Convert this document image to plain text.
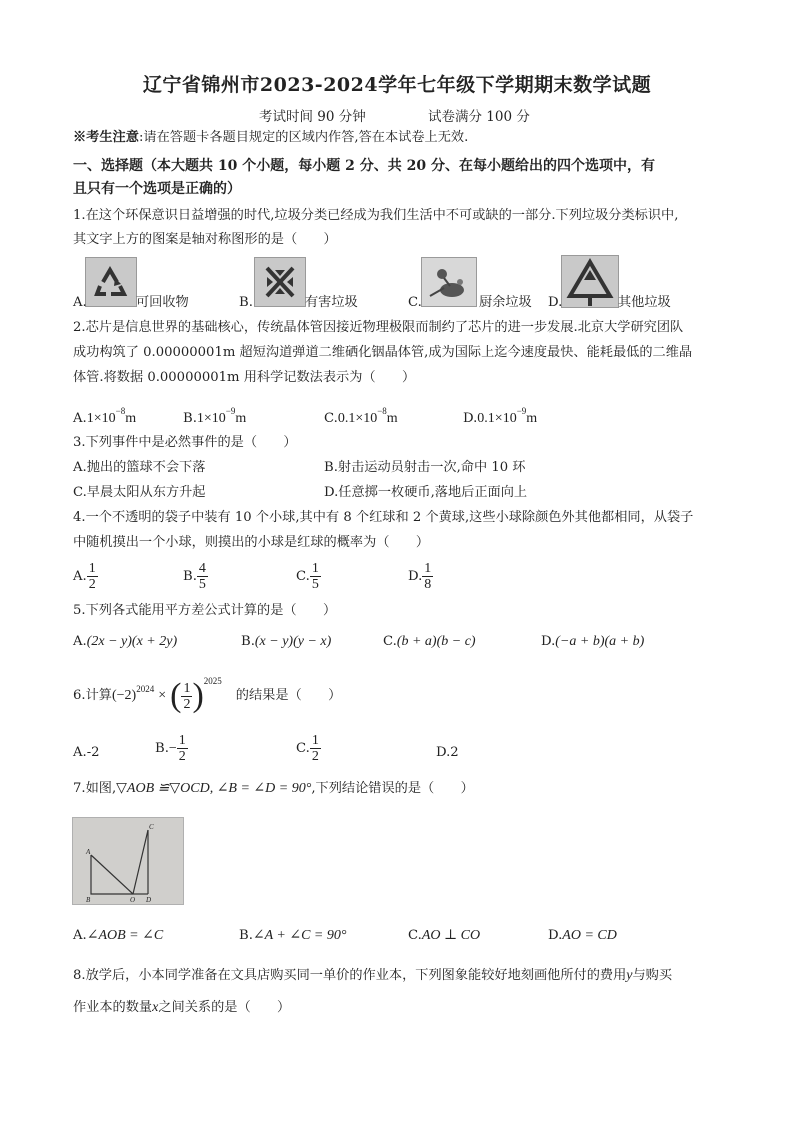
辽宁省锦州市2023-2024学年七年级下学期期末数学试题
考试时间 90 分钟	试卷满分 100 分
※考生注意:请在答题卡各题目规定的区域内作答,答在本试卷上无效.
一、选择题（本大题共 10 个小题，每小题 2 分、共 20 分、在每小题给出的四个选项中，有
且只有一个选项是正确的）
1.在这个环保意识日益增强的时代,垃圾分类已经成为我们生活中不可或缺的一部分.下列垃圾分类标识中,
其文字上方的图案是轴对称图形的是（　　）
A.	可回收物	B.	有害垃圾	C.	厨余垃圾 D.	其他垃圾
2.芯片是信息世界的基础核心，传统晶体管因接近物理极限而制约了芯片的进一步发展.北京大学研究团队
成功构筑了 0.00000001m 超短沟道弹道二维硒化铟晶体管,成为国际上迄今速度最快、能耗最低的二维晶
体管.将数据 0.00000001m 用科学记数法表示为（　　）
$A.1\times 10^{-8}m$	$B.1\times 10^{-9}m$	$C.0.1\times 10^{-8}m$	$D.0.1\times 10^{-9}m$
3.下列事件中是必然事件的是（　　）
A.抛出的篮球不会下落	B.射击运动员射击一次,命中 10 环
C.早晨太阳从东方升起	D.任意掷一枚硬币,落地后正面向上
4.一个不透明的袋子中装有 10 个小球,其中有 8 个红球和 2 个黄球,这些小球除颜色外其他都相同，从袋子
中随机摸出一个小球，则摸出的小球是红球的概率为（　　）
A. $\frac{1}{2}$	B. $\frac{4}{5}$	C. $\frac{1}{5}$	D. $\frac{1}{8}$
5.下列各式能用平方差公式计算的是（　　）
A.(2x − y)(x + 2y)	B.(x − y)(y − x)	C.(b + a)(b − c)	D.(−a + b)(a + b)
6.计算 (−2) 2024 × ( $\frac{1}{2}$ ) 2025
的结果是（　　）
A. -2	B. − $\frac{1}{2}$	C. $\frac{1}{2}$	D. 2
7.如图,▽AOB ≌▽OCD, ∠B = ∠D = 90°,下列结论错误的是（　　）
A
B	O D
C
A.∠AOB = ∠C	B.∠A + ∠C = 90°	C.AO ⊥ CO	D.AO = CD
8.放学后，小本同学准备在文具店购买同一单价的作业本，下列图象能较好地刻画他所付的费用y与购买
作业本的数量x之间关系的是（　　）
